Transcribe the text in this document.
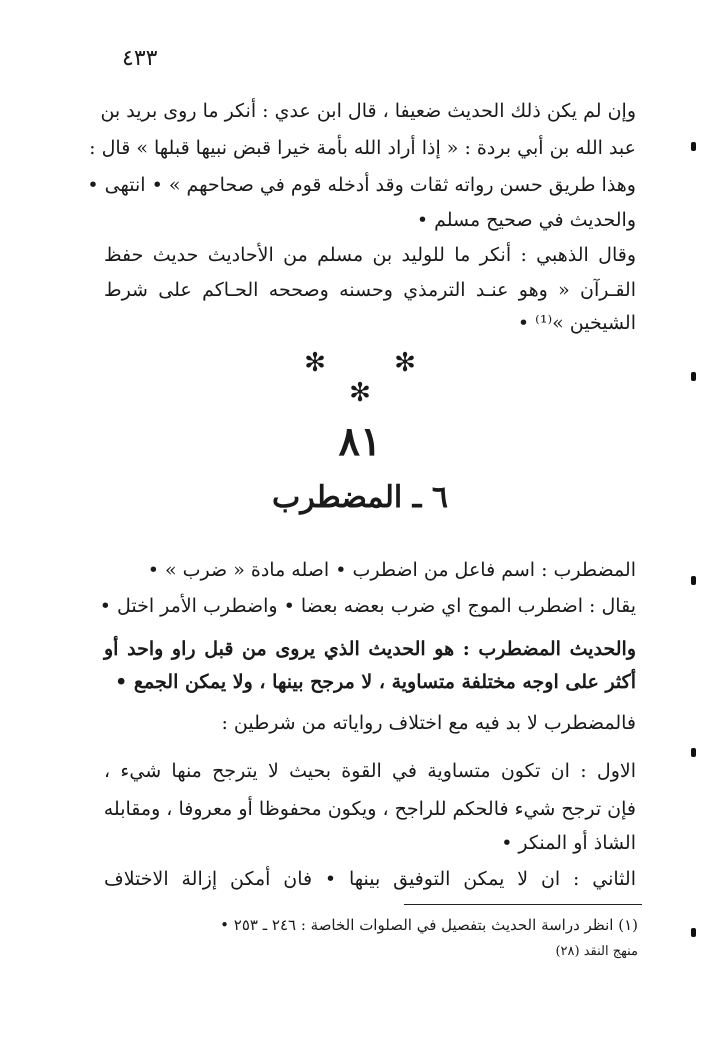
٤٣٣
وإن لم يكن ذلك الحديث ضعيفا ، قال ابن عدي : أنكر ما روى بريد بن
عبد الله بن أبي بردة : « إذا أراد الله بأمة خيرا قبض نبيها قبلها » قال :
وهذا طريق حسن رواته ثقات وقد أدخله قوم في صحاحهم » • انتهى •
والحديث في صحيح مسلم •
وقال الذهبي : أنكر ما للوليد بن مسلم من الأحاديث حديث حفظ
القـرآن « وهو عنـد الترمذي وحسنه وصححه الحـاكم على شرط
الشيخين »⁽¹⁾ •
✻ ✻ ✻
٨١
٦ ـ المضطرب
المضطرب : اسم فاعل من اضطرب • اصله مادة « ضرب » •
يقال : اضطرب الموج اي ضرب بعضه بعضا • واضطرب الأمر اختل •
والحديث المضطرب : هو الحديث الذي يروى من قبل راو واحد أو
أكثر على اوجه مختلفة متساوية ، لا مرجح بينها ، ولا يمكن الجمع •
فالمضطرب لا بد فيه مع اختلاف رواياته من شرطين :
الاول : ان تكون متساوية في القوة بحيث لا يترجح منها شيء ،
فإن ترجح شيء فالحكم للراجح ، ويكون محفوظا أو معروفا ، ومقابله
الشاذ أو المنكر •
الثاني : ان لا يمكن التوفيق بينها • فان أمكن إزالة الاختلاف
(١) انظر دراسة الحديث بتفصيل في الصلوات الخاصة : ٢٤٦ ـ ٢٥٣ •
منهج النقد (٢٨)
